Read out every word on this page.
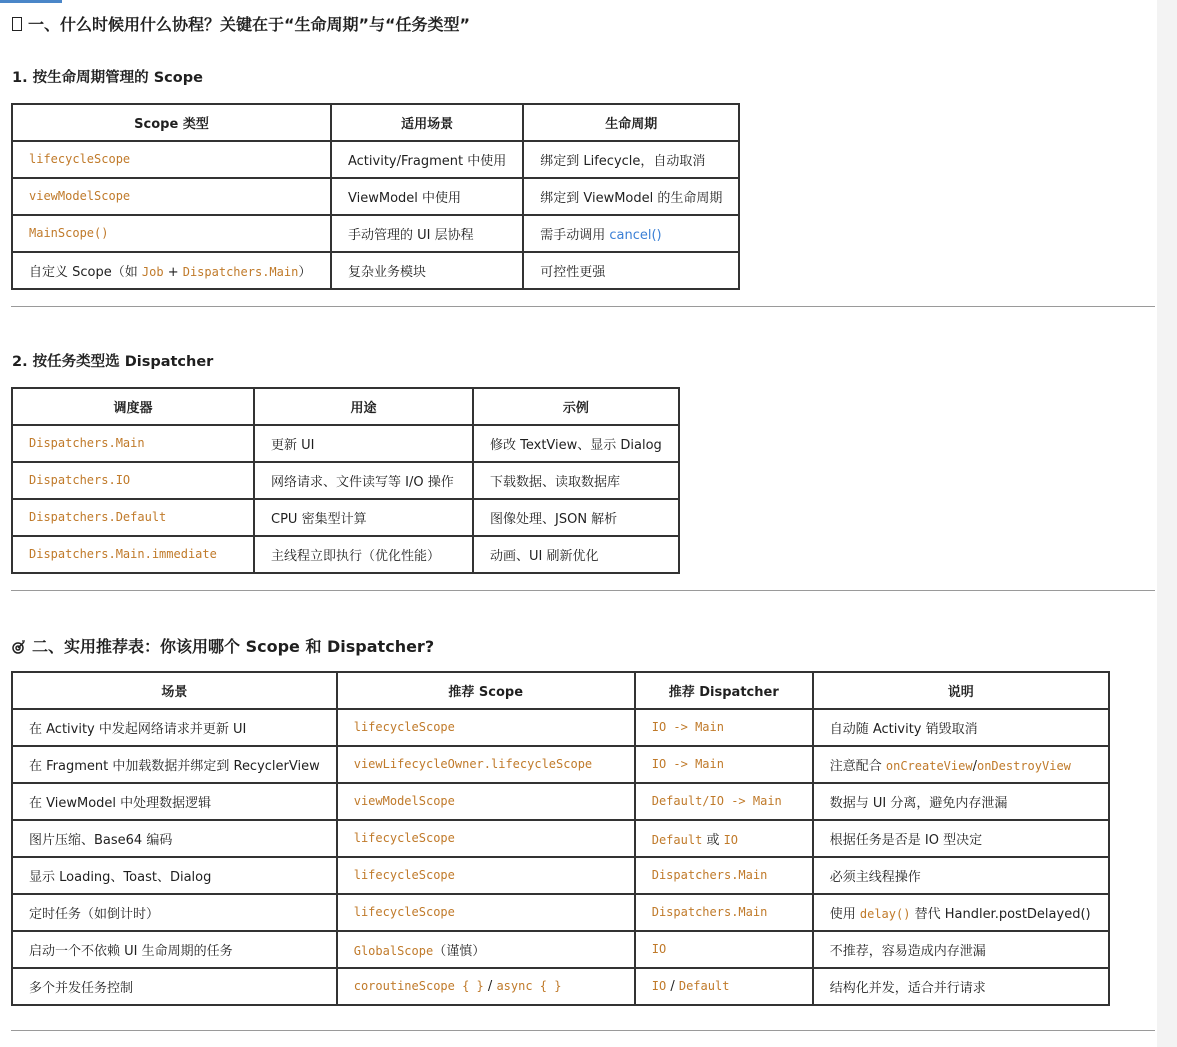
一、什么时候用什么协程？关键在于“生命周期”与“任务类型”
1. 按生命周期管理的 Scope
Scope 类型	适用场景	生命周期
lifecycleScope	Activity/Fragment 中使用	绑定到 Lifecycle，自动取消
viewModelScope	ViewModel 中使用	绑定到 ViewModel 的生命周期
MainScope()	手动管理的 UI 层协程	需手动调用 cancel()
自定义 Scope（如 Job + Dispatchers.Main）	复杂业务模块	可控性更强
2. 按任务类型选 Dispatcher
调度器	用途	示例
Dispatchers.Main	更新 UI	修改 TextView、显示 Dialog
Dispatchers.IO	网络请求、文件读写等 I/O 操作	下载数据、读取数据库
Dispatchers.Default	CPU 密集型计算	图像处理、JSON 解析
Dispatchers.Main.immediate	主线程立即执行（优化性能）	动画、UI 刷新优化
二、实用推荐表：你该用哪个 Scope 和 Dispatcher?
场景	推荐 Scope	推荐 Dispatcher	说明
在 Activity 中发起网络请求并更新 UI	lifecycleScope	IO -> Main	自动随 Activity 销毁取消
在 Fragment 中加载数据并绑定到 RecyclerView	viewLifecycleOwner.lifecycleScope	IO -> Main	注意配合 onCreateView/onDestroyView
在 ViewModel 中处理数据逻辑	viewModelScope	Default/IO -> Main	数据与 UI 分离，避免内存泄漏
图片压缩、Base64 编码	lifecycleScope	Default 或 IO	根据任务是否是 IO 型决定
显示 Loading、Toast、Dialog	lifecycleScope	Dispatchers.Main	必须主线程操作
定时任务（如倒计时）	lifecycleScope	Dispatchers.Main	使用 delay() 替代 Handler.postDelayed()
启动一个不依赖 UI 生命周期的任务	GlobalScope（谨慎）	IO	不推荐，容易造成内存泄漏
多个并发任务控制	coroutineScope { } / async { }	IO / Default	结构化并发，适合并行请求
